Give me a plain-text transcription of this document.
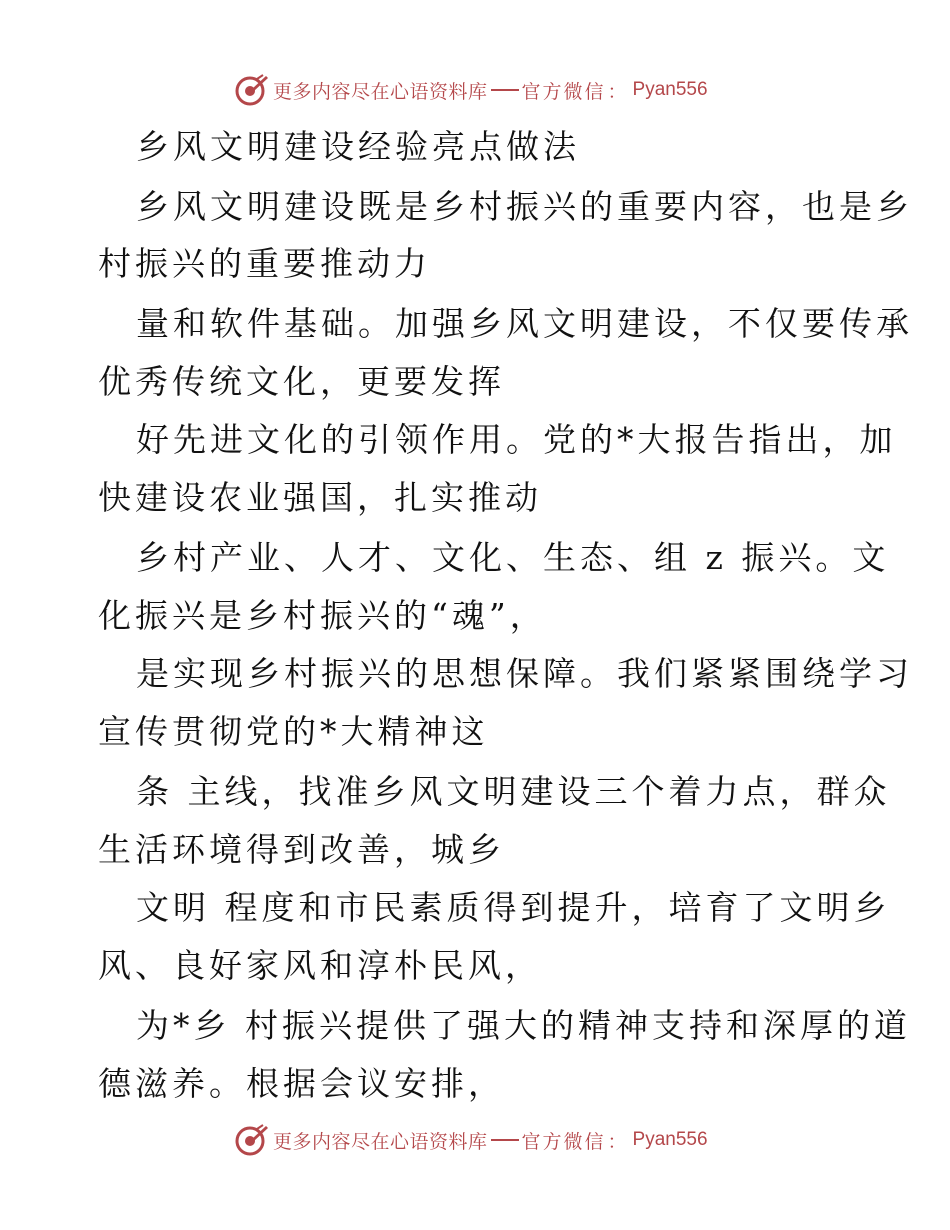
更多内容尽在心语资料库 官方微信 ： Pyan556
乡风文明建设经验亮点做法
乡风文明建设既是乡村振兴的重要内容，也是乡
村振兴的重要推动力
量和软件基础。加强乡风文明建设，不仅要传承
优秀传统文化，更要发挥
好先进文化的引领作用。党的*大报告指出，加
快建设农业强国，扎实推动
乡村产业、人才、文化、生态、组 z 振兴。文
化振兴是乡村振兴的“魂”，
是实现乡村振兴的思想保障。我们紧紧围绕学习
宣传贯彻党的*大精神这
条 主线，找准乡风文明建设三个着力点，群众
生活环境得到改善，城乡
文明 程度和市民素质得到提升，培育了文明乡
风、良好家风和淳朴民风，
为*乡 村振兴提供了强大的精神支持和深厚的道
德滋养。根据会议安排，
更多内容尽在心语资料库 官方微信 ： Pyan556
